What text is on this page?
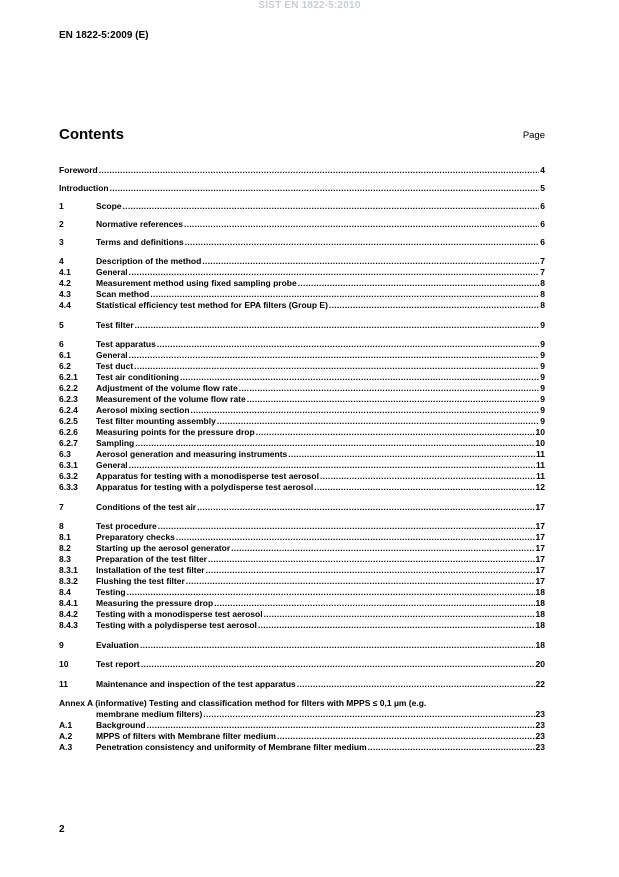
SIST EN 1822-5:2010
EN 1822-5:2009 (E)
Contents	Page
Foreword .....	4
Introduction .....	5
1	Scope .....	6
2	Normative references .....	6
3	Terms and definitions .....	6
4	Description of the method .....	7
4.1	General .....	7
4.2	Measurement method using fixed sampling probe .....	8
4.3	Scan method .....	8
4.4	Statistical efficiency test method for EPA filters (Group E) .....	8
5	Test filter .....	9
6	Test apparatus .....	9
6.1	General .....	9
6.2	Test duct .....	9
6.2.1	Test air conditioning .....	9
6.2.2	Adjustment of the volume flow rate .....	9
6.2.3	Measurement of the volume flow rate .....	9
6.2.4	Aerosol mixing section .....	9
6.2.5	Test filter mounting assembly .....	9
6.2.6	Measuring points for the pressure drop .....	10
6.2.7	Sampling .....	10
6.3	Aerosol generation and measuring instruments .....	11
6.3.1	General .....	11
6.3.2	Apparatus for testing with a monodisperse test aerosol .....	11
6.3.3	Apparatus for testing with a polydisperse test aerosol .....	12
7	Conditions of the test air .....	17
8	Test procedure .....	17
8.1	Preparatory checks .....	17
8.2	Starting up the aerosol generator .....	17
8.3	Preparation of the test filter .....	17
8.3.1	Installation of the test filter .....	17
8.3.2	Flushing the test filter .....	17
8.4	Testing .....	18
8.4.1	Measuring the pressure drop .....	18
8.4.2	Testing with a monodisperse test aerosol .....	18
8.4.3	Testing with a polydisperse test aerosol .....	18
9	Evaluation .....	18
10	Test report .....	20
11	Maintenance and inspection of the test apparatus .....	22
Annex A (informative) Testing and classification method for filters with MPPS ≤ 0,1 µm (e.g.
membrane medium filters) .....	23
A.1	Background .....	23
A.2	MPPS of filters with Membrane filter medium .....	23
A.3	Penetration consistency and uniformity of Membrane filter medium .....	23
2
